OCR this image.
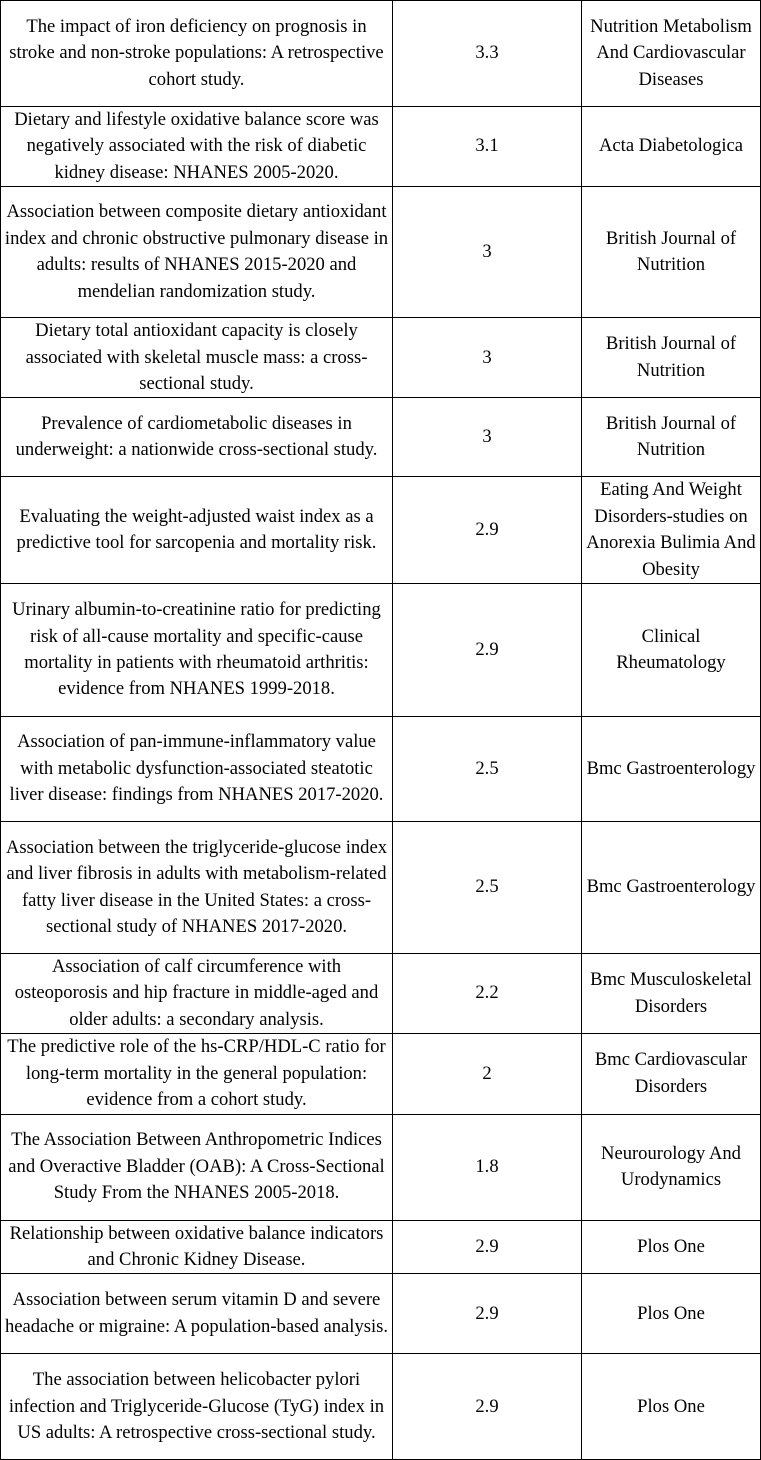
The impact of iron deficiency on prognosis in stroke and non-stroke populations: A retrospective cohort study.	3.3	Nutrition Metabolism And Cardiovascular Diseases
Dietary and lifestyle oxidative balance score was negatively associated with the risk of diabetic kidney disease: NHANES 2005-2020.	3.1	Acta Diabetologica
Association between composite dietary antioxidant index and chronic obstructive pulmonary disease in adults: results of NHANES 2015-2020 and mendelian randomization study.	3	British Journal of Nutrition
Dietary total antioxidant capacity is closely associated with skeletal muscle mass: a cross-sectional study.	3	British Journal of Nutrition
Prevalence of cardiometabolic diseases in underweight: a nationwide cross-sectional study.	3	British Journal of Nutrition
Evaluating the weight-adjusted waist index as a predictive tool for sarcopenia and mortality risk.	2.9	Eating And Weight Disorders-studies on Anorexia Bulimia And Obesity
Urinary albumin-to-creatinine ratio for predicting risk of all-cause mortality and specific-cause mortality in patients with rheumatoid arthritis: evidence from NHANES 1999-2018.	2.9	Clinical Rheumatology
Association of pan-immune-inflammatory value with metabolic dysfunction-associated steatotic liver disease: findings from NHANES 2017-2020.	2.5	Bmc Gastroenterology
Association between the triglyceride-glucose index and liver fibrosis in adults with metabolism-related fatty liver disease in the United States: a cross-sectional study of NHANES 2017-2020.	2.5	Bmc Gastroenterology
Association of calf circumference with osteoporosis and hip fracture in middle-aged and older adults: a secondary analysis.	2.2	Bmc Musculoskeletal Disorders
The predictive role of the hs-CRP/HDL-C ratio for long-term mortality in the general population: evidence from a cohort study.	2	Bmc Cardiovascular Disorders
The Association Between Anthropometric Indices and Overactive Bladder (OAB): A Cross-Sectional Study From the NHANES 2005-2018.	1.8	Neurourology And Urodynamics
Relationship between oxidative balance indicators and Chronic Kidney Disease.	2.9	Plos One
Association between serum vitamin D and severe headache or migraine: A population-based analysis.	2.9	Plos One
The association between helicobacter pylori infection and Triglyceride-Glucose (TyG) index in US adults: A retrospective cross-sectional study.	2.9	Plos One
